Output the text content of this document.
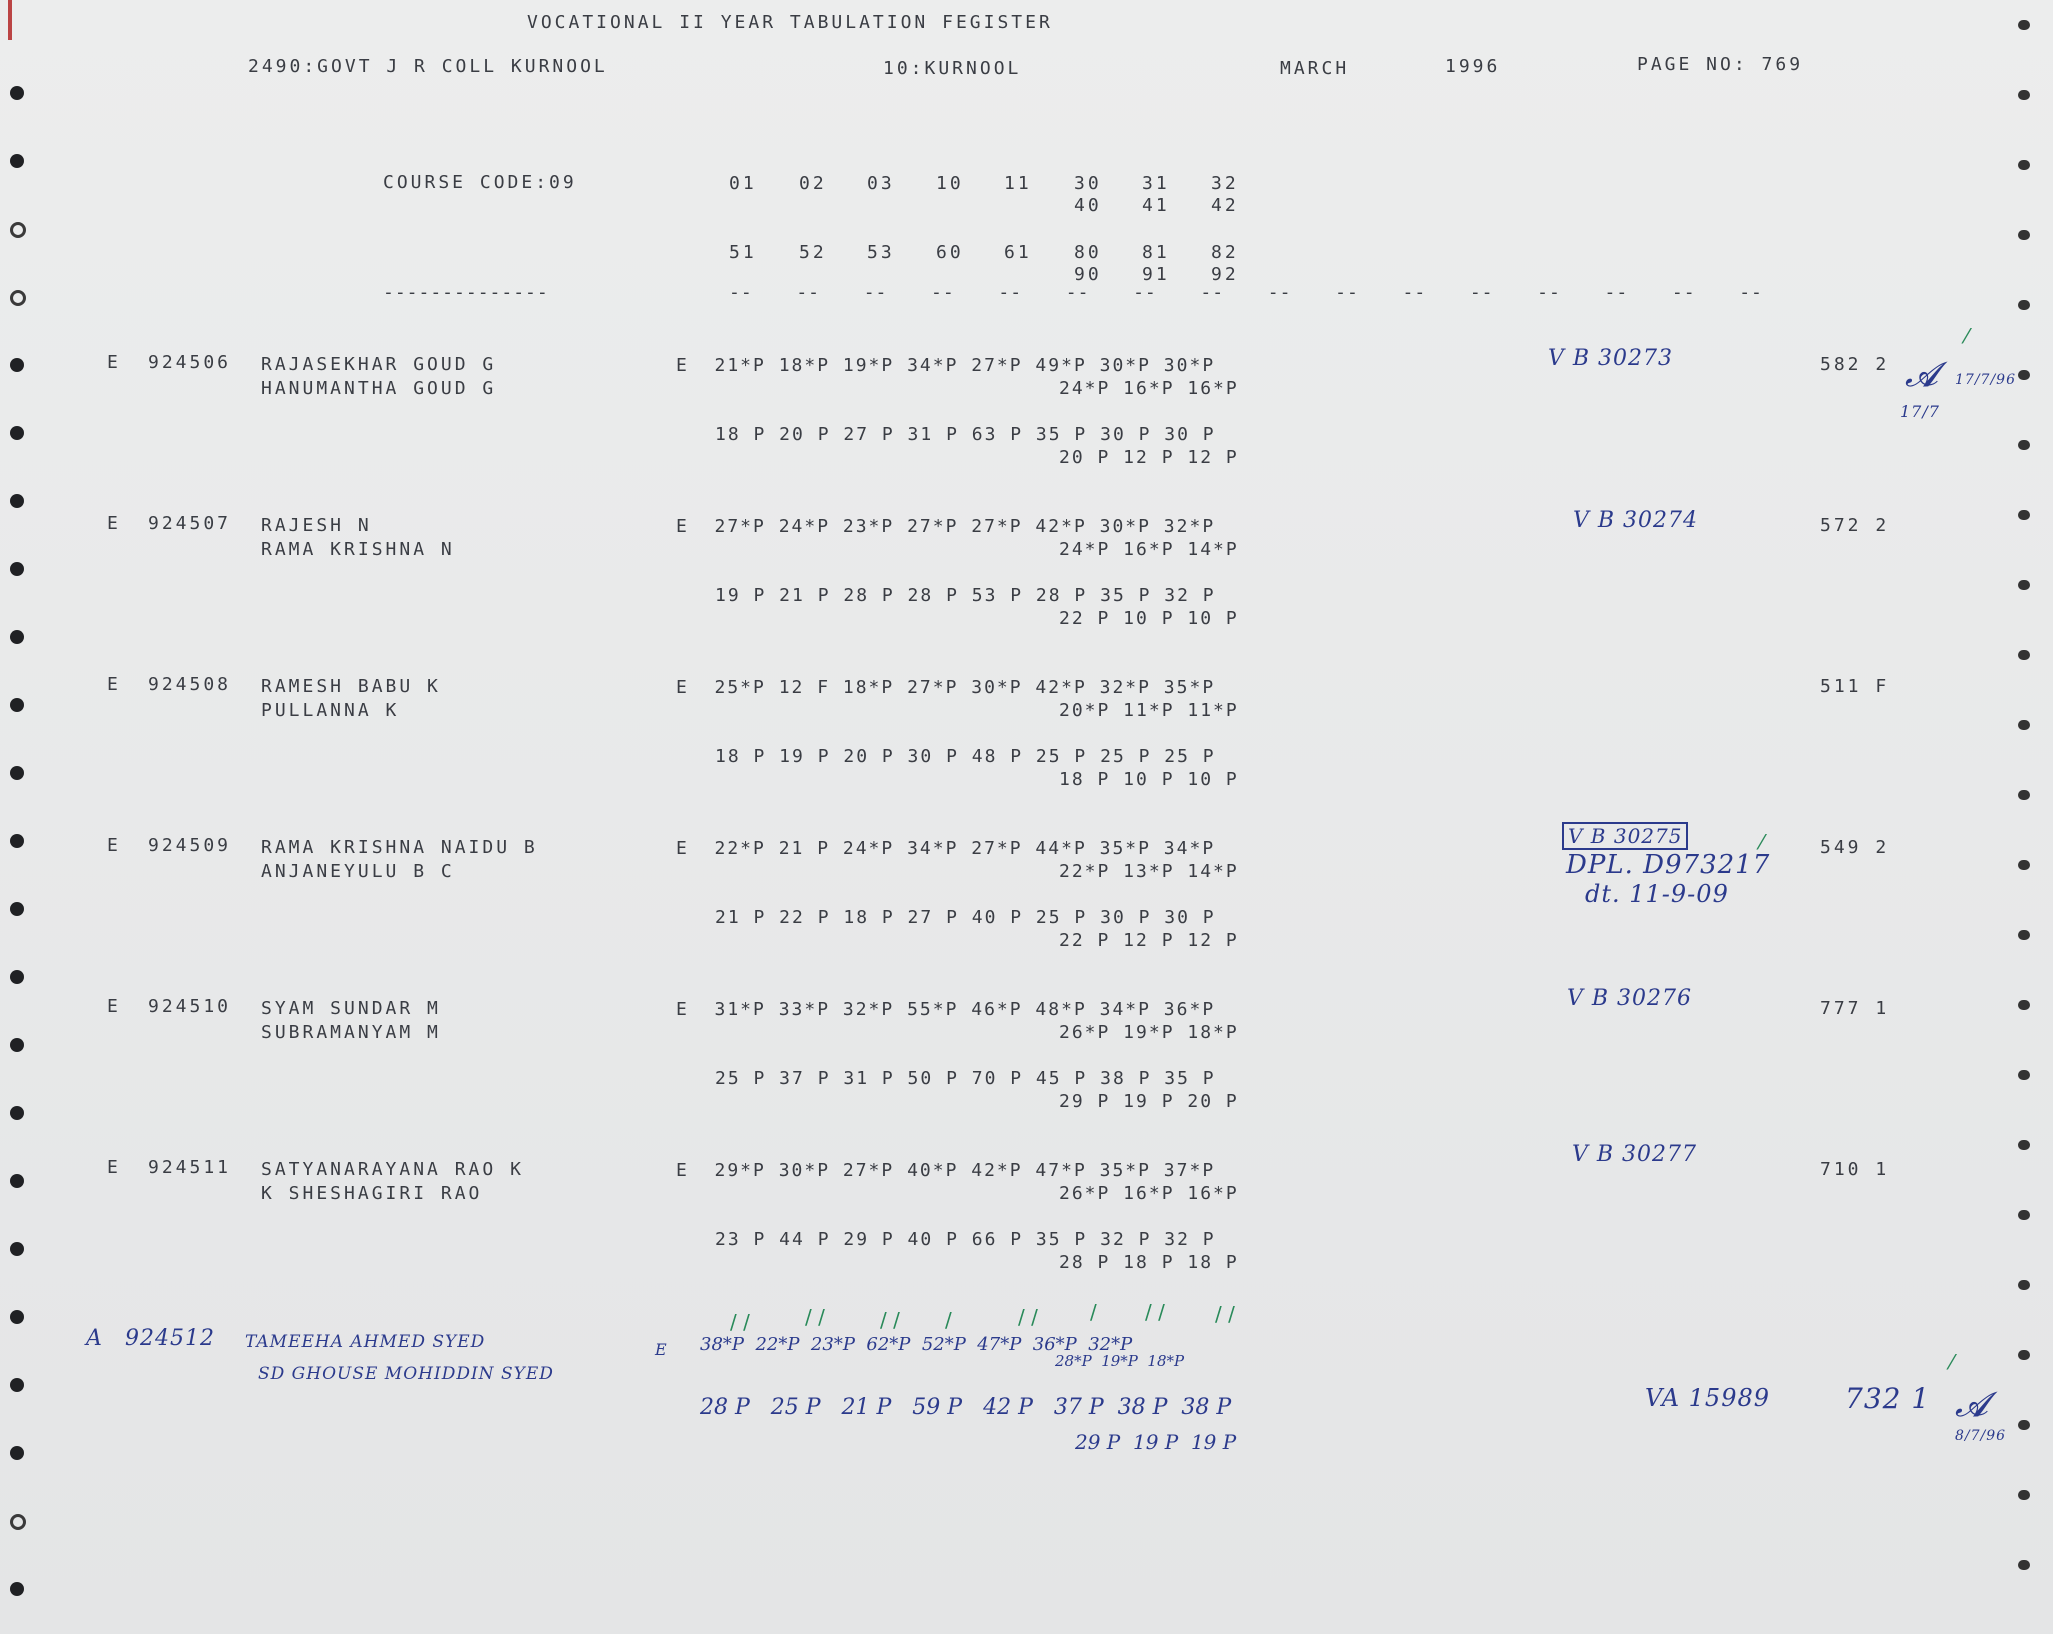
VOCATIONAL II YEAR TABULATION FEGISTER
2490:GOVT J R COLL KURNOOL	10:KURNOOL	MARCH	1996	PAGE NO: 769
COURSE CODE:09	01 02 03 10 11 30 31 32
40 41 42
51 52 53 60 61 80 81 82
90 91 92
--------------	--  --  --  --  --  --  --  --  --  --  --  --  --  --  --  --
E 924506 RAJASEKHAR GOUD G
HANUMANTHA GOUD G
E  21*P 18*P 19*P 34*P 27*P 49*P 30*P 30*P
24*P 16*P 16*P
18 P 20 P 27 P 31 P 63 P 35 P 30 P 30 P
20 P 12 P 12 P
V B 30273	582 2
E 924507 RAJESH N
RAMA KRISHNA N
E  27*P 24*P 23*P 27*P 27*P 42*P 30*P 32*P
24*P 16*P 14*P
19 P 21 P 28 P 28 P 53 P 28 P 35 P 32 P
22 P 10 P 10 P
V B 30274	572 2
E 924508 RAMESH BABU K
PULLANNA K
E  25*P 12 F 18*P 27*P 30*P 42*P 32*P 35*P
20*P 11*P 11*P
18 P 19 P 20 P 30 P 48 P 25 P 25 P 25 P
18 P 10 P 10 P
511 F
E 924509 RAMA KRISHNA NAIDU B
ANJANEYULU B C
E  22*P 21 P 24*P 34*P 27*P 44*P 35*P 34*P
22*P 13*P 14*P
21 P 22 P 18 P 27 P 40 P 25 P 30 P 30 P
22 P 12 P 12 P
V B 30275
DPL. D973217
dt. 11-9-09
549 2
E 924510 SYAM SUNDAR M
SUBRAMANYAM M
E  31*P 33*P 32*P 55*P 46*P 48*P 34*P 36*P
26*P 19*P 18*P
25 P 37 P 31 P 50 P 70 P 45 P 38 P 35 P
29 P 19 P 20 P
V B 30276	777 1
E 924511 SATYANARAYANA RAO K
K SHESHAGIRI RAO
E  29*P 30*P 27*P 40*P 42*P 47*P 35*P 37*P
26*P 16*P 16*P
23 P 44 P 29 P 40 P 66 P 35 P 32 P 32 P
28 P 18 P 18 P
V B 30277
710 1
17/7/96
17/7
𝓐
A 924512 TAMEEHA AHMED SYED
SD GHOUSE MOHIDDIN SYED
E 38*P  22*P  23*P  62*P  52*P  47*P  36*P  32*P
28*P  19*P  18*P
28 P   25 P   21 P   59 P   42 P   37 P  38 P  38 P
29 P  19 P  19 P
VA 15989	732 1
8/7/96
𝓐
/ /	/ /	/ / /	/ /	/ / /	/ /
⁄
⁄
⁄
